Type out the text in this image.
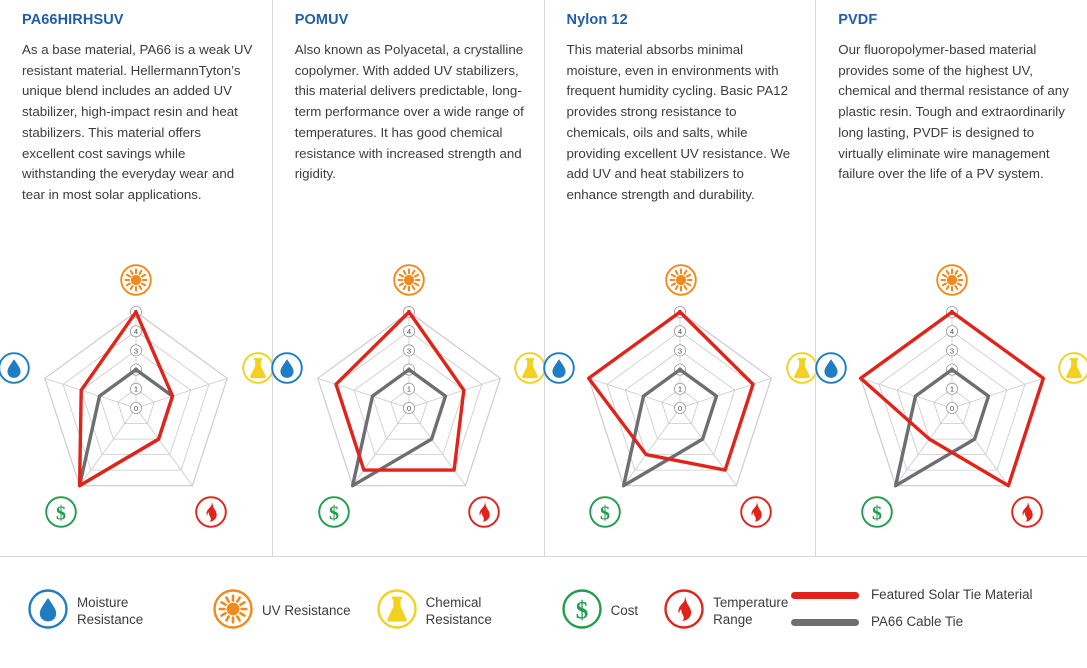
PA66HIRHSUV

As a base material, PA66 is a weak UV resistant material. HellermannTyton’s unique blend includes an added UV stabilizer, high-impact resin and heat stabilizers. This material offers excellent cost savings while withstanding the everyday wear and tear in most solar applications.

0
1
2
3
4
5
$
POMUV

Also known as Polyacetal, a crystalline copolymer. With added UV stabilizers, this material delivers predictable, long-term performance over a wide range of temperatures. It has good chemical resistance with increased strength and rigidity.

0
1
2
3
4
5
$
Nylon 12

This material absorbs minimal moisture, even in environments with frequent humidity cycling. Basic PA12 provides strong resistance to chemicals, oils and salts, while providing excellent UV resistance. We add UV and heat stabilizers to enhance strength and durability.

0
1
2
3
4
5
$
PVDF

Our fluoropolymer-based material provides some of the highest UV, chemical and thermal resistance of any plastic resin. Tough and extraordinarily long lasting, PVDF is designed to virtually eliminate wire management failure over the life of a PV system.

0
1
2
3
4
5
$
Moisture Resistance
UV Resistance
Chemical Resistance	$ Cost
Temperature Range
Featured Solar Tie Material
PA66 Cable Tie
